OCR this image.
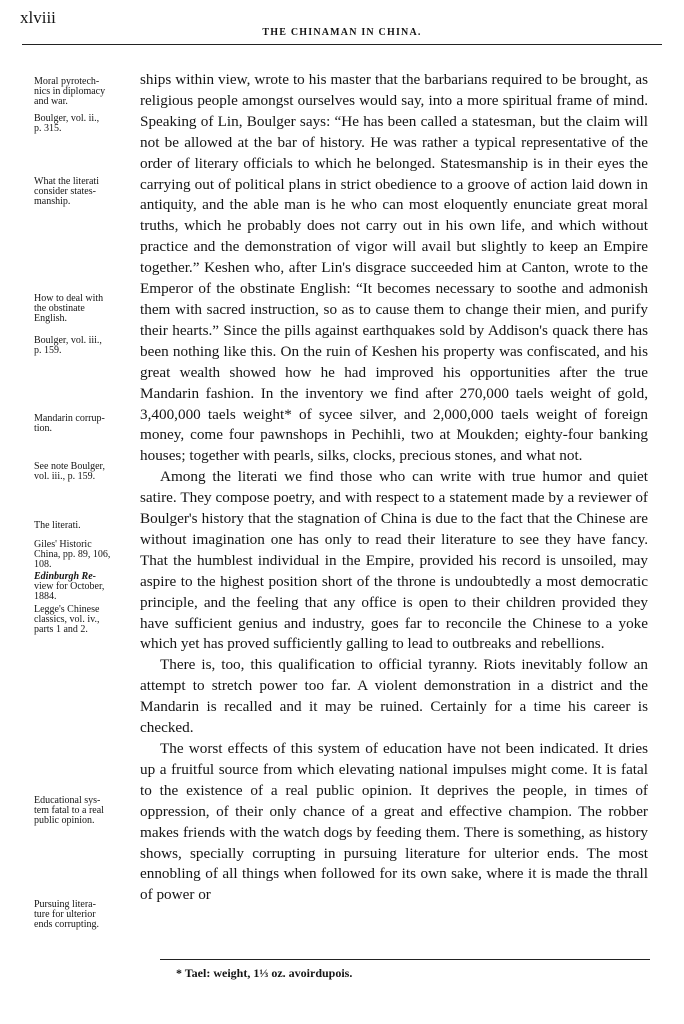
xlviii
THE CHINAMAN IN CHINA.
Moral pyrotech-
nics in diplomacy
and war.
Boulger, vol. ii.,
p. 315.
What the literati
consider states-
manship.
How to deal with
the obstinate
English.
Boulger, vol. iii.,
p. 159.
Mandarin corrup-
tion.
See note Boulger,
vol. iii., p. 159.
The literati.
Giles' Historic
China, pp. 89, 106,
108.
Edinburgh Re-
view for October,
1884.
Legge's Chinese
classics, vol. iv.,
parts 1 and 2.
Educational sys-
tem fatal to a real
public opinion.
Pursuing litera-
ture for ulterior
ends corrupting.

ships within view, wrote to his master that the barbarians required to be brought, as religious people amongst ourselves would say, into a more spiritual frame of mind. Speaking of Lin, Boulger says: “He has been called a statesman, but the claim will not be allowed at the bar of history. He was rather a typical representative of the order of literary officials to which he belonged. Statesmanship is in their eyes the carrying out of political plans in strict obedience to a groove of action laid down in antiquity, and the able man is he who can most eloquently enunciate great moral truths, which he probably does not carry out in his own life, and which without practice and the demonstration of vigor will avail but slightly to keep an Empire together.” Keshen who, after Lin's disgrace succeeded him at Canton, wrote to the Emperor of the obstinate English: “It becomes necessary to soothe and admonish them with sacred instruction, so as to cause them to change their mien, and purify their hearts.” Since the pills against earthquakes sold by Addison's quack there has been nothing like this. On the ruin of Keshen his property was confiscated, and his great wealth showed how he had improved his opportunities after the true Mandarin fashion. In the inventory we find after 270,000 taels weight of gold, 3,400,000 taels weight* of sycee silver, and 2,000,000 taels weight of foreign money, come four pawnshops in Pechihli, two at Moukden; eighty-four banking houses; together with pearls, silks, clocks, precious stones, and what not.

Among the literati we find those who can write with true humor and quiet satire. They compose poetry, and with respect to a statement made by a reviewer of Boulger's history that the stagnation of China is due to the fact that the Chinese are without imagination one has only to read their literature to see they have fancy. That the humblest individual in the Empire, provided his record is unsoiled, may aspire to the highest position short of the throne is undoubtedly a most democratic principle, and the feeling that any office is open to their children provided they have sufficient genius and industry, goes far to reconcile the Chinese to a yoke which yet has proved sufficiently galling to lead to outbreaks and rebellions.

There is, too, this qualification to official tyranny. Riots inevitably follow an attempt to stretch power too far. A violent demonstration in a district and the Mandarin is recalled and it may be ruined. Certainly for a time his career is checked.

The worst effects of this system of education have not been indicated. It dries up a fruitful source from which elevating national impulses might come. It is fatal to the existence of a real public opinion. It deprives the people, in times of oppression, of their only chance of a great and effective champion. The robber makes friends with the watch dogs by feeding them. There is something, as history shows, specially corrupting in pursuing literature for ulterior ends. The most ennobling of all things when followed for its own sake, where it is made the thrall of power or

* Tael: weight, 1⅓ oz. avoirdupois.
